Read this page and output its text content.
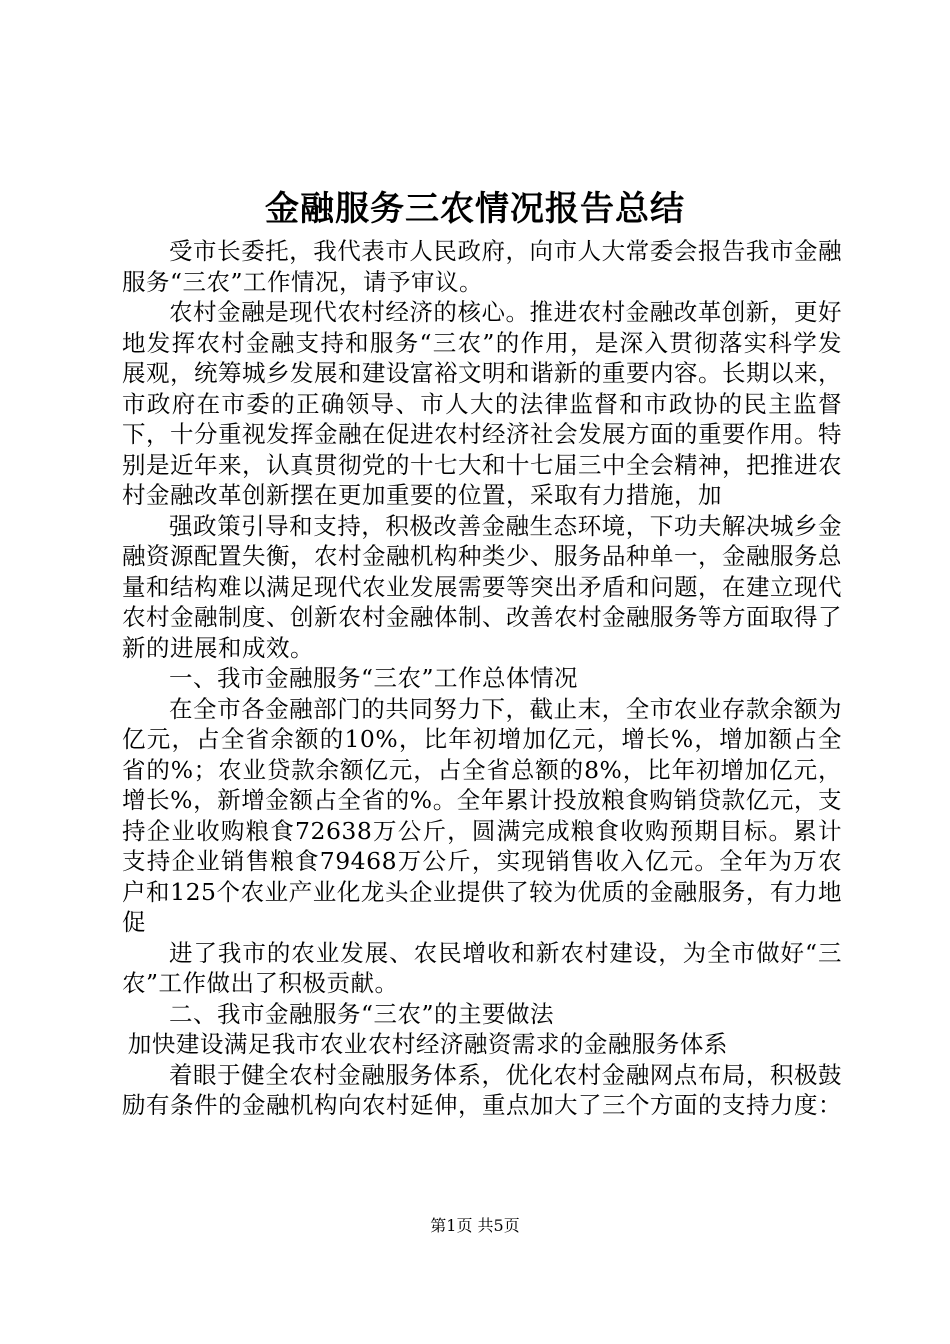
金融服务三农情况报告总结

受市长委托，我代表市人民政府，向市人大常委会报告我市金融服务“三农”工作情况，请予审议。

农村金融是现代农村经济的核心。推进农村金融改革创新，更好地发挥农村金融支持和服务“三农”的作用，是深入贯彻落实科学发展观，统筹城乡发展和建设富裕文明和谐新的重要内容。长期以来，市政府在市委的正确领导、市人大的法律监督和市政协的民主监督下，十分重视发挥金融在促进农村经济社会发展方面的重要作用。特别是近年来，认真贯彻党的十七大和十七届三中全会精神，把推进农村金融改革创新摆在更加重要的位置，采取有力措施，加

强政策引导和支持，积极改善金融生态环境，下功夫解决城乡金融资源配置失衡，农村金融机构种类少、服务品种单一，金融服务总量和结构难以满足现代农业发展需要等突出矛盾和问题，在建立现代农村金融制度、创新农村金融体制、改善农村金融服务等方面取得了新的进展和成效。

一、我市金融服务“三农”工作总体情况

在全市各金融部门的共同努力下，截止末，全市农业存款余额为亿元，占全省余额的10%，比年初增加亿元，增长%，增加额占全省的%；农业贷款余额亿元，占全省总额的8%，比年初增加亿元，增长%，新增金额占全省的%。全年累计投放粮食购销贷款亿元，支持企业收购粮食72638万公斤，圆满完成粮食收购预期目标。累计支持企业销售粮食79468万公斤，实现销售收入亿元。全年为万农户和125个农业产业化龙头企业提供了较为优质的金融服务，有力地促

进了我市的农业发展、农民增收和新农村建设，为全市做好“三农”工作做出了积极贡献。

二、我市金融服务“三农”的主要做法

加快建设满足我市农业农村经济融资需求的金融服务体系

着眼于健全农村金融服务体系，优化农村金融网点布局，积极鼓励有条件的金融机构向农村延伸，重点加大了三个方面的支持力度：

第1页 共5页
